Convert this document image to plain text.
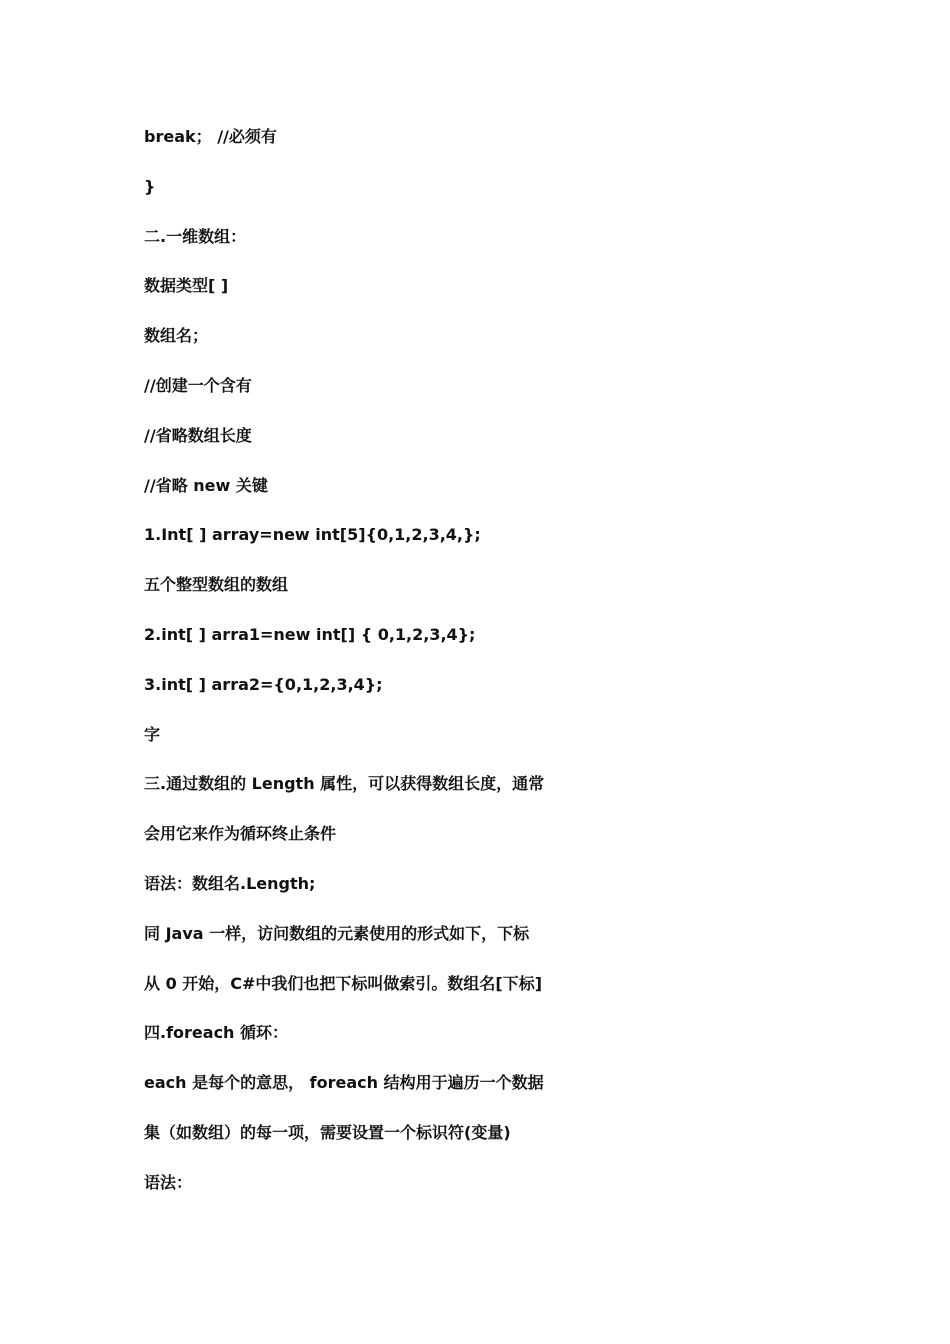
break； //必须有
}
二.一维数组：
数据类型[ ]
数组名；
//创建一个含有
//省略数组长度
//省略 new 关键
1.Int[ ] array=new int[5]{0,1,2,3,4,};
五个整型数组的数组
2.int[ ] arra1=new int[] { 0,1,2,3,4};
3.int[ ] arra2={0,1,2,3,4};
字
三.通过数组的 Length 属性，可以获得数组长度，通常
会用它来作为循环终止条件
语法：数组名.Length;
同 Java 一样，访问数组的元素使用的形式如下，下标
从 0 开始，C#中我们也把下标叫做索引。数组名[下标]
四.foreach 循环：
each 是每个的意思， foreach 结构用于遍历一个数据
集（如数组）的每一项，需要设置一个标识符(变量)
语法：
